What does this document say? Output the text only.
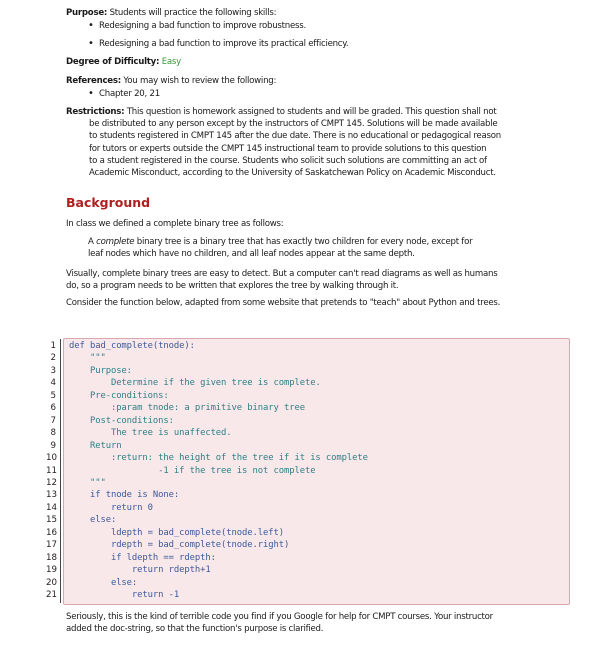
Purpose: Students will practice the following skills:
• Redesigning a bad function to improve robustness.
• Redesigning a bad function to improve its practical efficiency.
Degree of Difficulty: Easy
References: You may wish to review the following:
• Chapter 20, 21
Restrictions: This question is homework assigned to students and will be graded. This question shall not
be distributed to any person except by the instructors of CMPT 145. Solutions will be made available
to students registered in CMPT 145 after the due date. There is no educational or pedagogical reason
for tutors or experts outside the CMPT 145 instructional team to provide solutions to this question
to a student registered in the course. Students who solicit such solutions are committing an act of
Academic Misconduct, according to the University of Saskatchewan Policy on Academic Misconduct.
Background

In class we defined a complete binary tree as follows:

A complete binary tree is a binary tree that has exactly two children for every node, except for
leaf nodes which have no children, and all leaf nodes appear at the same depth.

Visually, complete binary trees are easy to detect. But a computer can't read diagrams as well as humans
do, so a program needs to be written that explores the tree by walking through it.

Consider the function below, adapted from some website that pretends to "teach" about Python and trees.

1
2
3
4
5
6
7
8
9
10
11
12
13
14
15
16
17
18
19
20
21
def bad_complete(tnode):
"""
Purpose:
Determine if the given tree is complete.
Pre-conditions:
:param tnode: a primitive binary tree
Post-conditions:
The tree is unaffected.
Return
:return: the height of the tree if it is complete
-1 if the tree is not complete
"""
if tnode is None:
return 0
else:
ldepth = bad_complete(tnode.left)
rdepth = bad_complete(tnode.right)
if ldepth == rdepth:
return rdepth+1
else:
return -1
Seriously, this is the kind of terrible code you find if you Google for help for CMPT courses. Your instructor
added the doc-string, so that the function's purpose is clarified.
